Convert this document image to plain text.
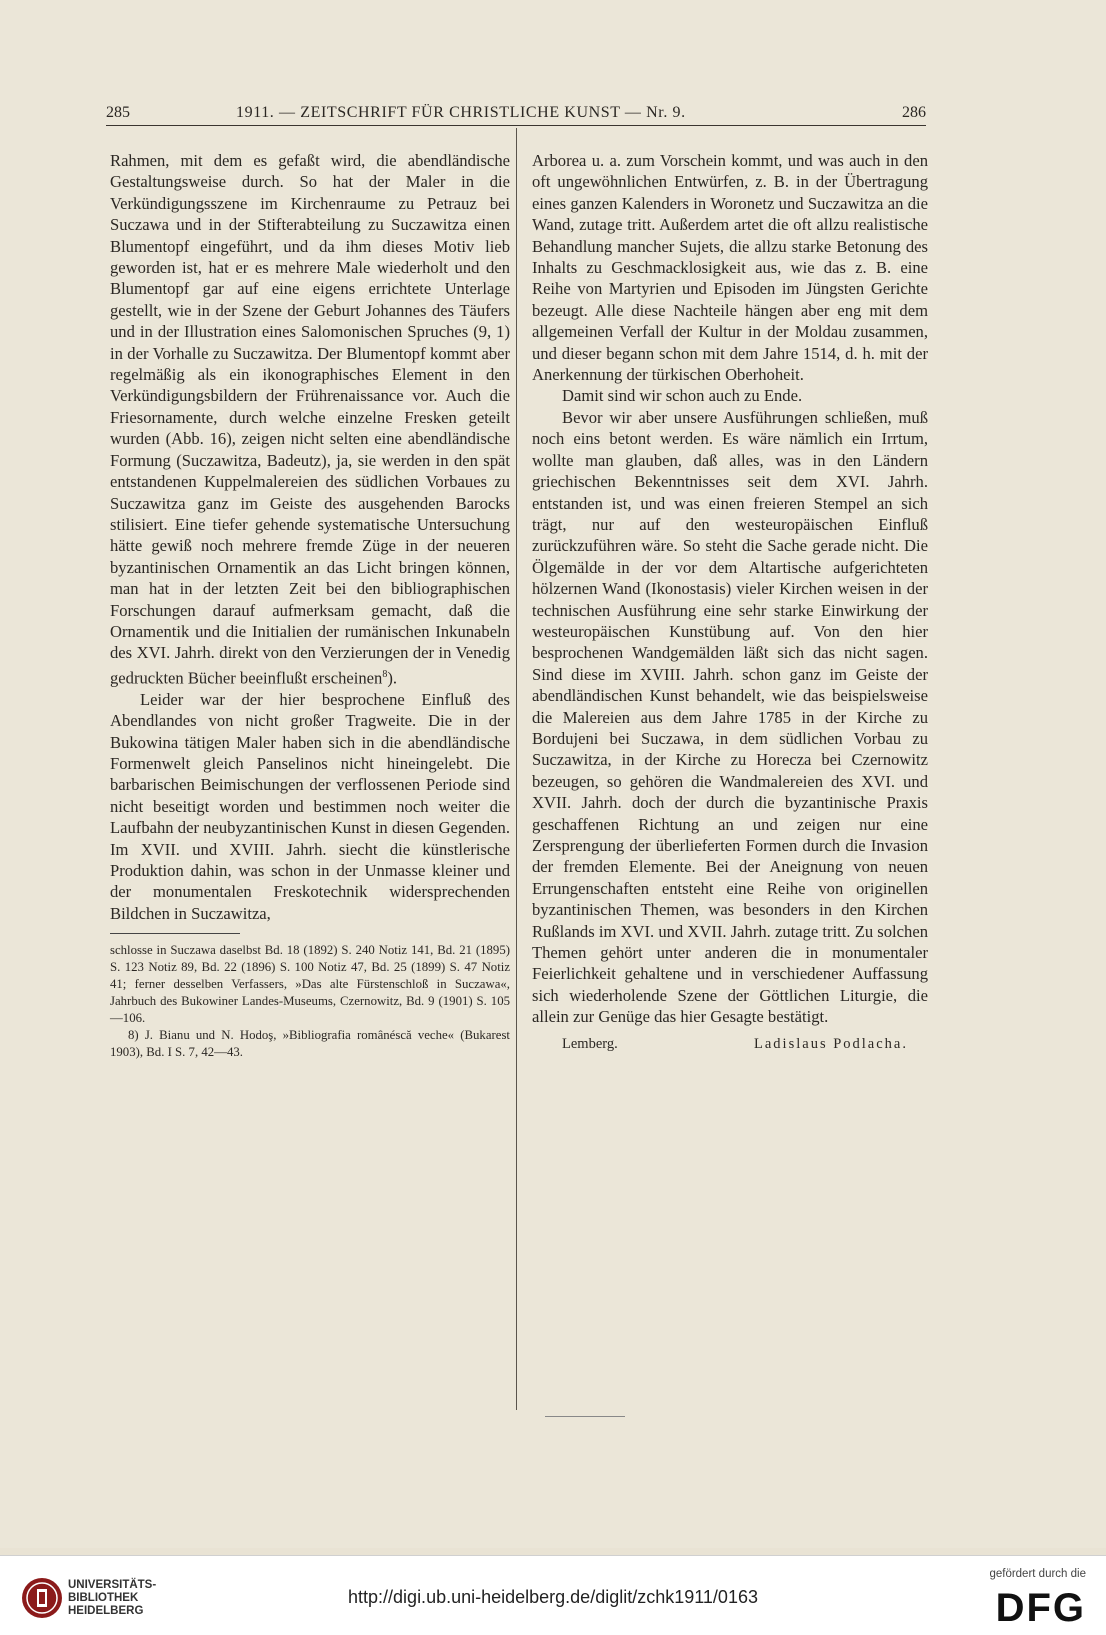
285	1911. — ZEITSCHRIFT FÜR CHRISTLICHE KUNST — Nr. 9.	286

Rahmen, mit dem es gefaßt wird, die abendländische Gestaltungsweise durch. So hat der Maler in die Verkündigungsszene im Kirchenraume zu Petrauz bei Suczawa und in der Stifterabteilung zu Suczawitza einen Blumentopf eingeführt, und da ihm dieses Motiv lieb geworden ist, hat er es mehrere Male wiederholt und den Blumentopf gar auf eine eigens errichtete Unterlage gestellt, wie in der Szene der Geburt Johannes des Täufers und in der Illustration eines Salomonischen Spruches (9, 1) in der Vorhalle zu Suczawitza. Der Blumentopf kommt aber regelmäßig als ein ikonographisches Element in den Verkündigungsbildern der Frührenaissance vor. Auch die Friesornamente, durch welche einzelne Fresken geteilt wurden (Abb. 16), zeigen nicht selten eine abendländische Formung (Suczawitza, Badeutz), ja, sie werden in den spät entstandenen Kuppelmalereien des südlichen Vorbaues zu Suczawitza ganz im Geiste des ausgehenden Barocks stilisiert. Eine tiefer gehende systematische Untersuchung hätte gewiß noch mehrere fremde Züge in der neueren byzantinischen Ornamentik an das Licht bringen können, man hat in der letzten Zeit bei den bibliographischen Forschungen darauf aufmerksam gemacht, daß die Ornamentik und die Initialien der rumänischen Inkunabeln des XVI. Jahrh. direkt von den Verzierungen der in Venedig gedruckten Bücher beeinflußt erscheinen$^8$).

Leider war der hier besprochene Einfluß des Abendlandes von nicht großer Tragweite. Die in der Bukowina tätigen Maler haben sich in die abendländische Formenwelt gleich Panselinos nicht hineingelebt. Die barbarischen Beimischungen der verflossenen Periode sind nicht beseitigt worden und bestimmen noch weiter die Laufbahn der neubyzantinischen Kunst in diesen Gegenden. Im XVII. und XVIII. Jahrh. siecht die künstlerische Produktion dahin, was schon in der Unmasse kleiner und der monumentalen Freskotechnik widersprechenden Bildchen in Suczawitza,

schlosse in Suczawa daselbst Bd. 18 (1892) S. 240 Notiz 141, Bd. 21 (1895) S. 123 Notiz 89, Bd. 22 (1896) S. 100 Notiz 47, Bd. 25 (1899) S. 47 Notiz 41; ferner desselben Verfassers, »Das alte Fürstenschloß in Suczawa«, Jahrbuch des Bukowiner Landes-Museums, Czernowitz, Bd. 9 (1901) S. 105—106.

8) J. Bianu und N. Hodoş, »Bibliografia românéscă veche« (Bukarest 1903), Bd. I S. 7, 42—43.

Arborea u. a. zum Vorschein kommt, und was auch in den oft ungewöhnlichen Entwürfen, z. B. in der Übertragung eines ganzen Kalenders in Woronetz und Suczawitza an die Wand, zutage tritt. Außerdem artet die oft allzu realistische Behandlung mancher Sujets, die allzu starke Betonung des Inhalts zu Geschmacklosigkeit aus, wie das z. B. eine Reihe von Martyrien und Episoden im Jüngsten Gerichte bezeugt. Alle diese Nachteile hängen aber eng mit dem allgemeinen Verfall der Kultur in der Moldau zusammen, und dieser begann schon mit dem Jahre 1514, d. h. mit der Anerkennung der türkischen Oberhoheit.

Damit sind wir schon auch zu Ende.

Bevor wir aber unsere Ausführungen schließen, muß noch eins betont werden. Es wäre nämlich ein Irrtum, wollte man glauben, daß alles, was in den Ländern griechischen Bekenntnisses seit dem XVI. Jahrh. entstanden ist, und was einen freieren Stempel an sich trägt, nur auf den westeuropäischen Einfluß zurückzuführen wäre. So steht die Sache gerade nicht. Die Ölgemälde in der vor dem Altartische aufgerichteten hölzernen Wand (Ikonostasis) vieler Kirchen weisen in der technischen Ausführung eine sehr starke Einwirkung der westeuropäischen Kunstübung auf. Von den hier besprochenen Wandgemälden läßt sich das nicht sagen. Sind diese im XVIII. Jahrh. schon ganz im Geiste der abendländischen Kunst behandelt, wie das beispielsweise die Malereien aus dem Jahre 1785 in der Kirche zu Bordujeni bei Suczawa, in dem südlichen Vorbau zu Suczawitza, in der Kirche zu Horecza bei Czernowitz bezeugen, so gehören die Wandmalereien des XVI. und XVII. Jahrh. doch der durch die byzantinische Praxis geschaffenen Richtung an und zeigen nur eine Zersprengung der überlieferten Formen durch die Invasion der fremden Elemente. Bei der Aneignung von neuen Errungenschaften entsteht eine Reihe von originellen byzantinischen Themen, was besonders in den Kirchen Rußlands im XVI. und XVII. Jahrh. zutage tritt. Zu solchen Themen gehört unter anderen die in monumentaler Feierlichkeit gehaltene und in verschiedener Auffassung sich wiederholende Szene der Göttlichen Liturgie, die allein zur Genüge das hier Gesagte bestätigt.

Lemberg.	Ladislaus Podlacha.
UNIVERSITÄTS-
BIBLIOTHEK
HEIDELBERG
http://digi.ub.uni-heidelberg.de/diglit/zchk1911/0163
gefördert durch die
DFG
